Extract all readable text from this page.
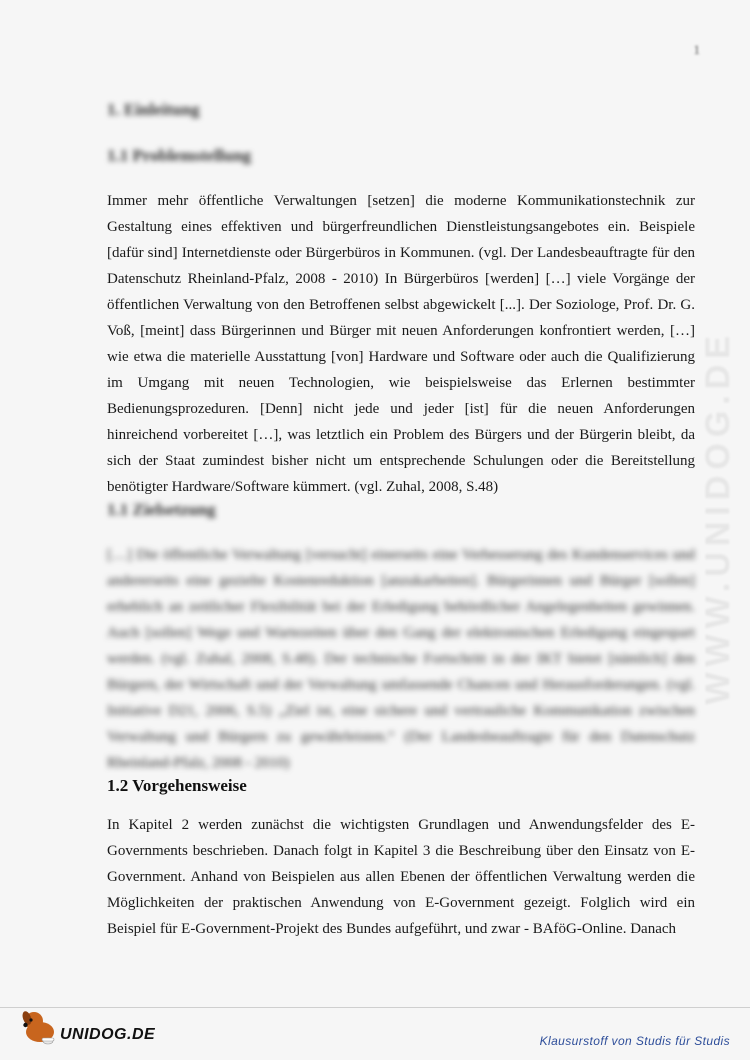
1
1. Einleitung
1.1 Problemstellung

Immer mehr öffentliche Verwaltungen [setzen] die moderne Kommunikationstechnik zur Gestaltung eines effektiven und bürgerfreundlichen Dienstleistungsangebotes ein. Beispiele [dafür sind] Internetdienste oder Bürgerbüros in Kommunen. (vgl. Der Landesbeauftragte für den Datenschutz Rheinland-Pfalz, 2008 - 2010) In Bürgerbüros [werden] […] viele Vorgänge der öffentlichen Verwaltung von den Betroffenen selbst abgewickelt [...]. Der Soziologe, Prof. Dr. G. Voß, [meint] dass Bürgerinnen und Bürger mit neuen Anforderungen konfrontiert werden, […] wie etwa die materielle Ausstattung [von] Hardware und Software oder auch die Qualifizierung im Umgang mit neuen Technologien, wie beispielsweise das Erlernen bestimmter Bedienungsprozeduren. [Denn] nicht jede und jeder [ist] für die neuen Anforderungen hinreichend vorbereitet […], was letztlich ein Problem des Bürgers und der Bürgerin bleibt, da sich der Staat zumindest bisher nicht um entsprechende Schulungen oder die Bereitstellung benötigter Hardware/Software kümmert. (vgl. Zuhal, 2008, S.48)

1.1 Zielsetzung

[…] Die öffentliche Verwaltung [versucht] einerseits eine Verbesserung des Kundenservices und andererseits eine gezielte Kostenreduktion [anzukarbeiten]. Bürgerinnen und Bürger [sollen] erheblich an zeitlicher Flexibilität bei der Erledigung behördlicher Angelegenheiten gewinnen. Auch [sollen] Wege und Wartezeiten über den Gang der elektronischen Erledigung eingespart werden. (vgl. Zuhal, 2008, S.48). Der technische Fortschritt in der IKT bietet [nämlich] den Bürgern, der Wirtschaft und der Verwaltung umfassende Chancen und Herausforderungen. (vgl. Initiative D21, 2006, S.5) „Ziel ist, eine sichere und vertrauliche Kommunikation zwischen Verwaltung und Bürgern zu gewährleisten.“ (Der Landesbeauftragte für den Datenschutz Rheinland-Pfalz, 2008 - 2010)

1.2 Vorgehensweise

In Kapitel 2 werden zunächst die wichtigsten Grundlagen und Anwendungsfelder des E-Governments beschrieben. Danach folgt in Kapitel 3 die Beschreibung über den Einsatz von E-Government. Anhand von Beispielen aus allen Ebenen der öffentlichen Verwaltung werden die Möglichkeiten der praktischen Anwendung von E-Government gezeigt. Folglich wird ein Beispiel für E-Government-Projekt des Bundes aufgeführt, und zwar - BAföG-Online. Danach

WWW.UNIDOG.DE
UNIDOG.DE	Klausurstoff von Studis für Studis
